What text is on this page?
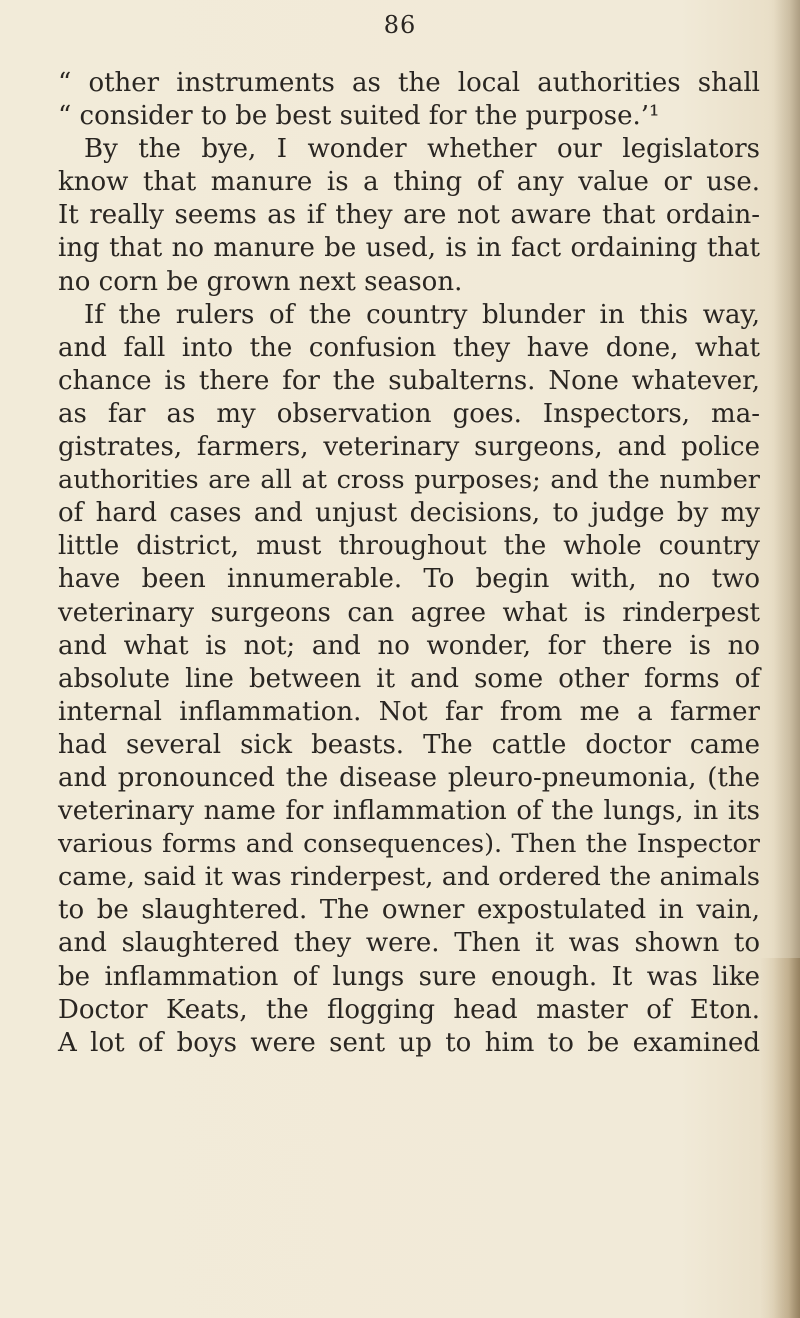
86
“ other instruments as the local authorities shall
“ consider to be best suited for the purpose.’¹
By the bye, I wonder whether our legislators
know that manure is a thing of any value or use.
It really seems as if they are not aware that ordain-
ing that no manure be used, is in fact ordaining that
no corn be grown next season.
If the rulers of the country blunder in this way,
and fall into the confusion they have done, what
chance is there for the subalterns. None whatever,
as far as my observation goes. Inspectors, ma-
gistrates, farmers, veterinary surgeons, and police
authorities are all at cross purposes; and the number
of hard cases and unjust decisions, to judge by my
little district, must throughout the whole country
have been innumerable. To begin with, no two
veterinary surgeons can agree what is rinderpest
and what is not; and no wonder, for there is no
absolute line between it and some other forms of
internal inflammation. Not far from me a farmer
had several sick beasts. The cattle doctor came
and pronounced the disease pleuro-pneumonia, (the
veterinary name for inflammation of the lungs, in its
various forms and consequences). Then the Inspector
came, said it was rinderpest, and ordered the animals
to be slaughtered. The owner expostulated in vain,
and slaughtered they were. Then it was shown to
be inflammation of lungs sure enough. It was like
Doctor Keats, the flogging head master of Eton.
A lot of boys were sent up to him to be examined
